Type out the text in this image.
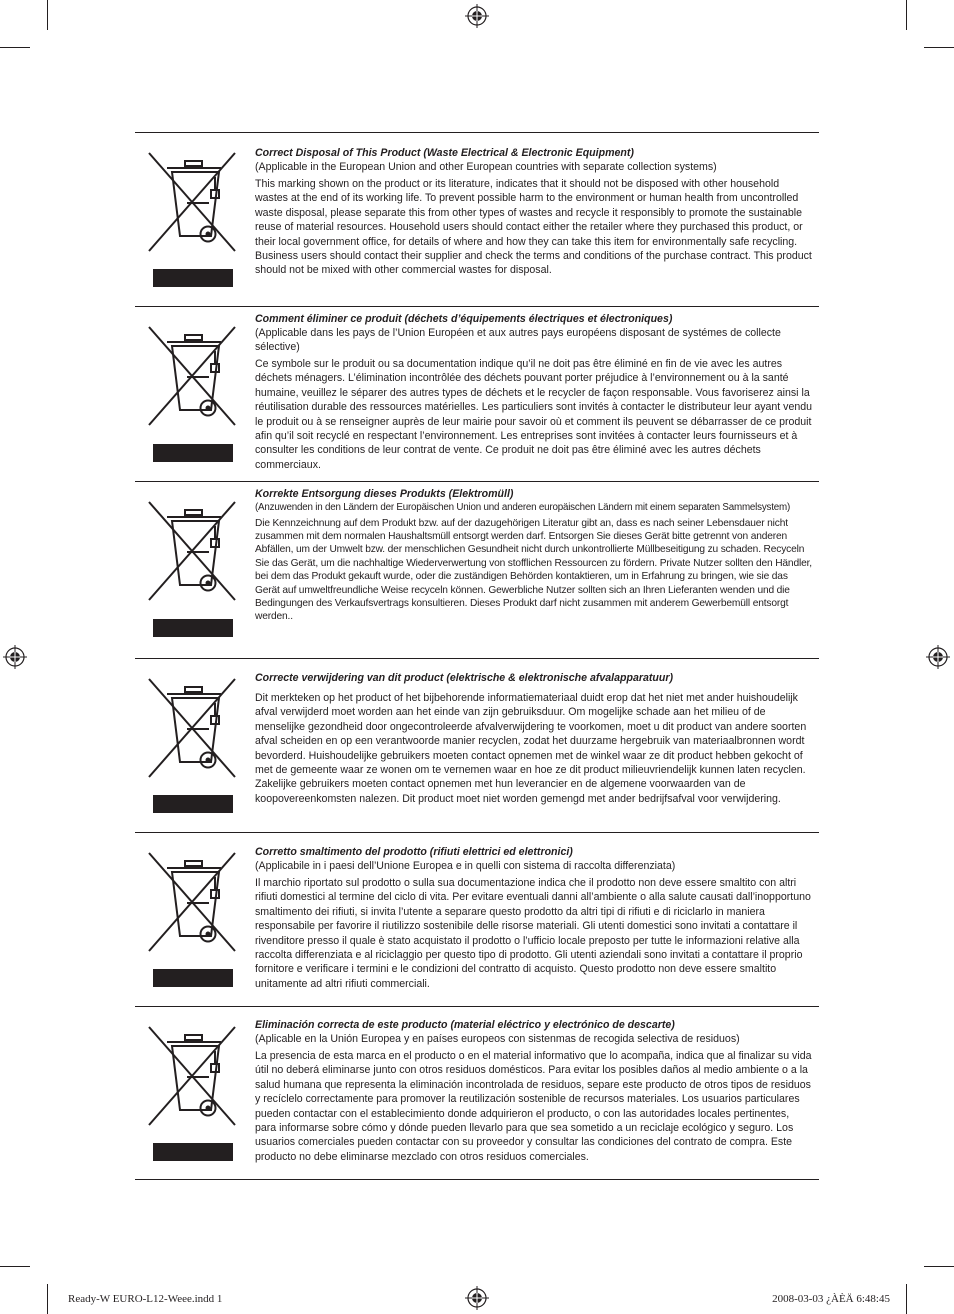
Correct Disposal of This Product (Waste Electrical & Electronic Equipment)

(Applicable in the European Union and other European countries with separate collection systems)

This marking shown on the product or its literature, indicates that it should not be disposed with other household wastes at the end of its working life. To prevent possible harm to the environment or human health from uncontrolled waste disposal, please separate this from other types of wastes and recycle it responsibly to promote the sustainable reuse of material resources. Household users should contact either the retailer where they purchased this product, or their local government office, for details of where and how they can take this item for environmentally safe recycling. Business users should contact their supplier and check the terms and conditions of the purchase contract. This product should not be mixed with other commercial wastes for disposal.

Comment éliminer ce produit (déchets d’équipements électriques et électroniques)

(Applicable dans les pays de l’Union Européen et aux autres pays européens disposant de systémes de collecte sélective)

Ce symbole sur le produit ou sa documentation indique qu’il ne doit pas être éliminé en fin de vie avec les autres déchets ménagers. L’élimination incontrôlée des déchets pouvant porter préjudice à l’environnement ou à la santé humaine, veuillez le séparer des autres types de déchets et le recycler de façon responsable. Vous favoriserez ainsi la réutilisation durable des ressources matérielles. Les particuliers sont invités à contacter le distributeur leur ayant vendu le produit ou à se renseigner auprès de leur mairie pour savoir où et comment ils peuvent se débarrasser de ce produit afin qu’il soit recyclé en respectant l’environnement. Les entreprises sont invitées à contacter leurs fournisseurs et à consulter les conditions de leur contrat de vente. Ce produit ne doit pas être éliminé avec les autres déchets commerciaux.

Korrekte Entsorgung dieses Produkts (Elektromüll)

(Anzuwenden in den Ländern der Europäischen Union und anderen europäischen Ländern mit einem separaten Sammelsystem)

Die Kennzeichnung auf dem Produkt bzw. auf der dazugehörigen Literatur gibt an, dass es nach seiner Lebensdauer nicht zusammen mit dem normalen Haushaltsmüll entsorgt werden darf. Entsorgen Sie dieses Gerät bitte getrennt von anderen Abfällen, um der Umwelt bzw. der menschlichen Gesundheit nicht durch unkontrollierte Müllbeseitigung zu schaden. Recyceln Sie das Gerät, um die nachhaltige Wiederverwertung von stofflichen Ressourcen zu fördern. Private Nutzer sollten den Händler, bei dem das Produkt gekauft wurde, oder die zuständigen Behörden kontaktieren, um in Erfahrung zu bringen, wie sie das Gerät auf umweltfreundliche Weise recyceln können. Gewerbliche Nutzer sollten sich an Ihren Lieferanten wenden und die Bedingungen des Verkaufsvertrags konsultieren. Dieses Produkt darf nicht zusammen mit anderem Gewerbemüll entsorgt werden..

Correcte verwijdering van dit product (elektrische & elektronische afvalapparatuur)

Dit merkteken op het product of het bijbehorende informatiemateriaal duidt erop dat het niet met ander huishoudelijk afval verwijderd moet worden aan het einde van zijn gebruiksduur. Om mogelijke schade aan het milieu of de menselijke gezondheid door ongecontroleerde afvalverwijdering te voorkomen, moet u dit product van andere soorten afval scheiden en op een verantwoorde manier recyclen, zodat het duurzame hergebruik van materiaalbronnen wordt bevorderd. Huishoudelijke gebruikers moeten contact opnemen met de winkel waar ze dit product hebben gekocht of met de gemeente waar ze wonen om te vernemen waar en hoe ze dit product milieuvriendelijk kunnen laten recyclen. Zakelijke gebruikers moeten contact opnemen met hun leverancier en de algemene voorwaarden van de koopovereenkomsten nalezen. Dit product moet niet worden gemengd met ander bedrijfsafval voor verwijdering.

Corretto smaltimento del prodotto (rifiuti elettrici ed elettronici)

(Applicabile in i paesi dell’Unione Europea e in quelli con sistema di raccolta differenziata)

Il marchio riportato sul prodotto o sulla sua documentazione indica che il prodotto non deve essere smaltito con altri rifiuti domestici al termine del ciclo di vita. Per evitare eventuali danni all’ambiente o alla salute causati dall’inopportuno smaltimento dei rifiuti, si invita l’utente a separare questo prodotto da altri tipi di rifiuti e di riciclarlo in maniera responsabile per favorire il riutilizzo sostenibile delle risorse materiali. Gli utenti domestici sono invitati a contattare il rivenditore presso il quale è stato acquistato il prodotto o l’ufficio locale preposto per tutte le informazioni relative alla raccolta differenziata e al riciclaggio per questo tipo di prodotto. Gli utenti aziendali sono invitati a contattare il proprio fornitore e verificare i termini e le condizioni del contratto di acquisto. Questo prodotto non deve essere smaltito unitamente ad altri rifiuti commerciali.

Eliminación correcta de este producto (material eléctrico y electrónico de descarte)

(Aplicable en la Unión Europea y en países europeos con sistenmas de recogida selectiva de residuos)

La presencia de esta marca en el producto o en el material informativo que lo acompaña, indica que al finalizar su vida útil no deberá eliminarse junto con otros residuos domésticos. Para evitar los posibles daños al medio ambiente o a la salud humana que representa la eliminación incontrolada de residuos, separe este producto de otros tipos de residuos y recíclelo correctamente para promover la reutilización sostenible de recursos materiales. Los usuarios particulares pueden contactar con el establecimiento donde adquirieron el producto, o con las autoridades locales pertinentes, para informarse sobre cómo y dónde pueden llevarlo para que sea sometido a un reciclaje ecológico y seguro. Los usuarios comerciales pueden contactar con su proveedor y consultar las condiciones del contrato de compra. Este producto no debe eliminarse mezclado con otros residuos comerciales.

Ready-W EURO-L12-Weee.indd 1	2008-03-03 ¿ÀÈÄ 6:48:45
